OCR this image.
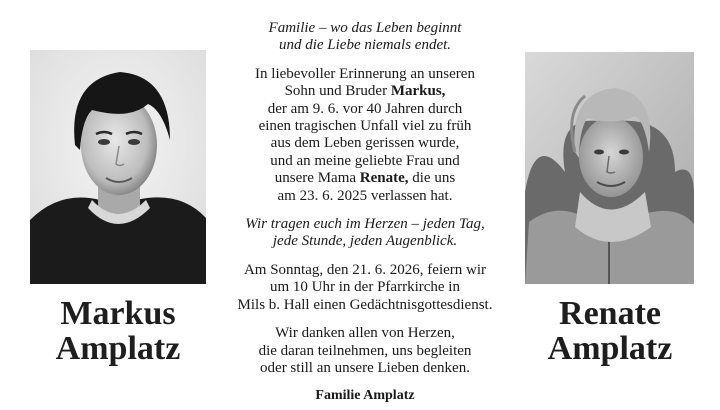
Markus
Amplatz
Renate
Amplatz

Familie – wo das Leben beginnt

und die Liebe niemals endet.

In liebevoller Erinnerung an unseren

Sohn und Bruder Markus,

der am 9. 6. vor 40 Jahren durch

einen tragischen Unfall viel zu früh

aus dem Leben gerissen wurde,

und an meine geliebte Frau und

unsere Mama Renate, die uns

am 23. 6. 2025 verlassen hat.

Wir tragen euch im Herzen – jeden Tag,

jede Stunde, jeden Augenblick.

Am Sonntag, den 21. 6. 2026, feiern wir

um 10 Uhr in der Pfarrkirche in

Mils b. Hall einen Gedächtnisgottesdienst.

Wir danken allen von Herzen,

die daran teilnehmen, uns begleiten

oder still an unsere Lieben denken.

Familie Amplatz
